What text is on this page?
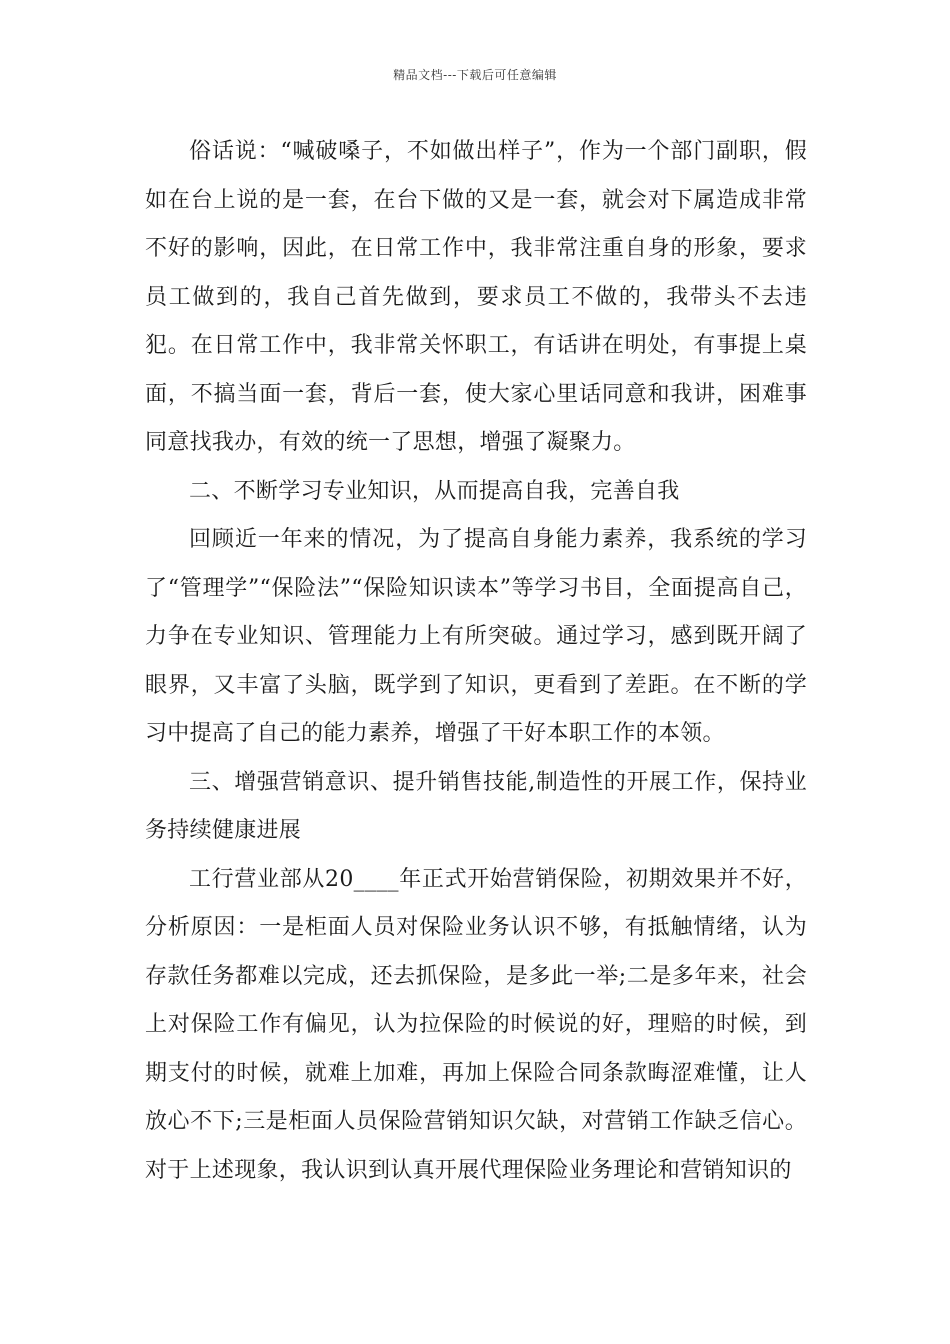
精品文档---下载后可任意编辑

俗话说：“喊破嗓子，不如做出样子”，作为一个部门副职，假如在台上说的是一套，在台下做的又是一套，就会对下属造成非常不好的影响，因此，在日常工作中，我非常注重自身的形象，要求员工做到的，我自己首先做到，要求员工不做的，我带头不去违犯。在日常工作中，我非常关怀职工，有话讲在明处，有事提上桌面，不搞当面一套，背后一套，使大家心里话同意和我讲，困难事同意找我办，有效的统一了思想，增强了凝聚力。

二、不断学习专业知识，从而提高自我，完善自我

回顾近一年来的情况，为了提高自身能力素养，我系统的学习了“管理学”“保险法”“保险知识读本”等学习书目，全面提高自己，力争在专业知识、管理能力上有所突破。通过学习，感到既开阔了眼界，又丰富了头脑，既学到了知识，更看到了差距。在不断的学习中提高了自己的能力素养，增强了干好本职工作的本领。

三、增强营销意识、提升销售技能,制造性的开展工作，保持业务持续健康进展

工行营业部从20____年正式开始营销保险，初期效果并不好，分析原因：一是柜面人员对保险业务认识不够，有抵触情绪，认为存款任务都难以完成，还去抓保险，是多此一举;二是多年来，社会上对保险工作有偏见，认为拉保险的时候说的好，理赔的时候，到期支付的时候，就难上加难，再加上保险合同条款晦涩难懂，让人放心不下;三是柜面人员保险营销知识欠缺，对营销工作缺乏信心。对于上述现象，我认识到认真开展代理保险业务理论和营销知识的
